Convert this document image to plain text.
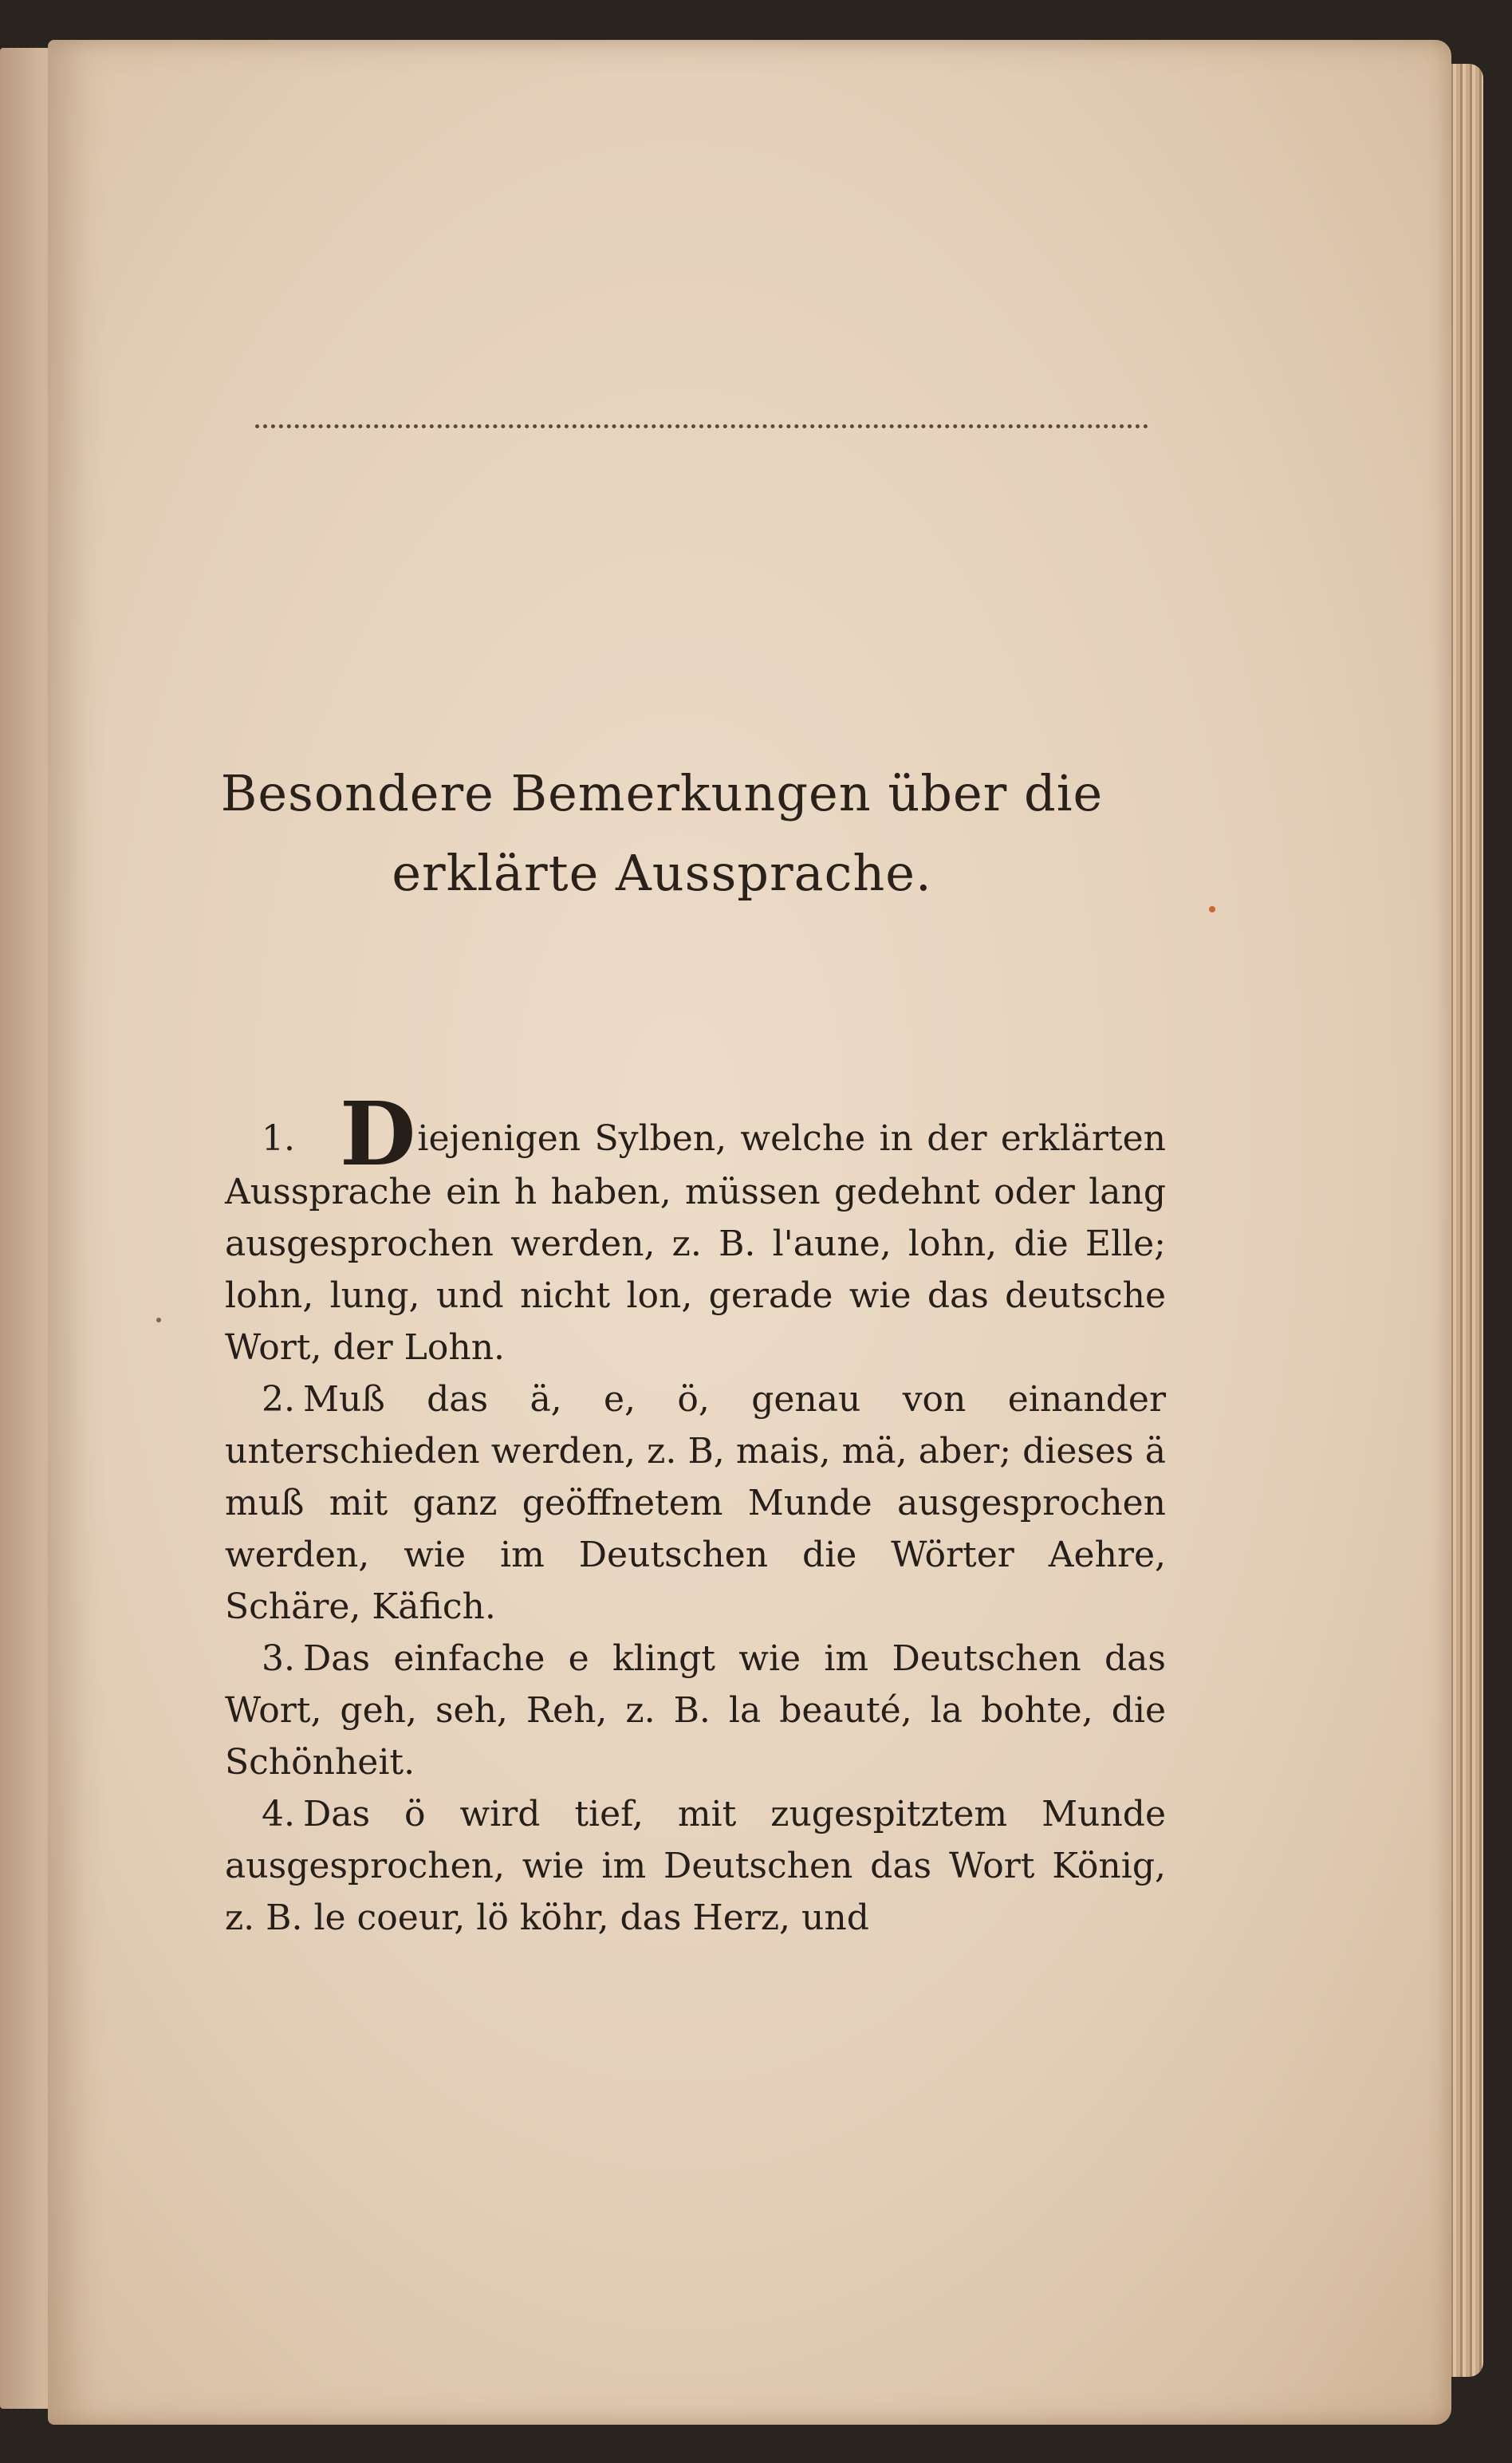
Besondere Bemerkungen über die
erklärte Aussprache.

1. Diejenigen Sylben, welche in der erklärten Aussprache ein h haben, müssen gedehnt oder lang ausgesprochen werden, z. B. l'aune, lohn, die Elle; lohn, lung, und nicht lon, gerade wie das deutsche Wort, der Lohn.

2. Muß das ä, e, ö, genau von einander unterschieden werden, z. B, mais, mä, aber; dieses ä muß mit ganz geöffnetem Munde ausgesprochen werden, wie im Deutschen die Wörter Aehre, Schäre, Käfich.

3. Das einfache e klingt wie im Deutschen das Wort, geh, seh, Reh, z. B. la beauté, la bohte, die Schönheit.

4. Das ö wird tief, mit zugespitztem Munde ausgesprochen, wie im Deutschen das Wort König, z. B. le coeur, lö köhr, das Herz, und
